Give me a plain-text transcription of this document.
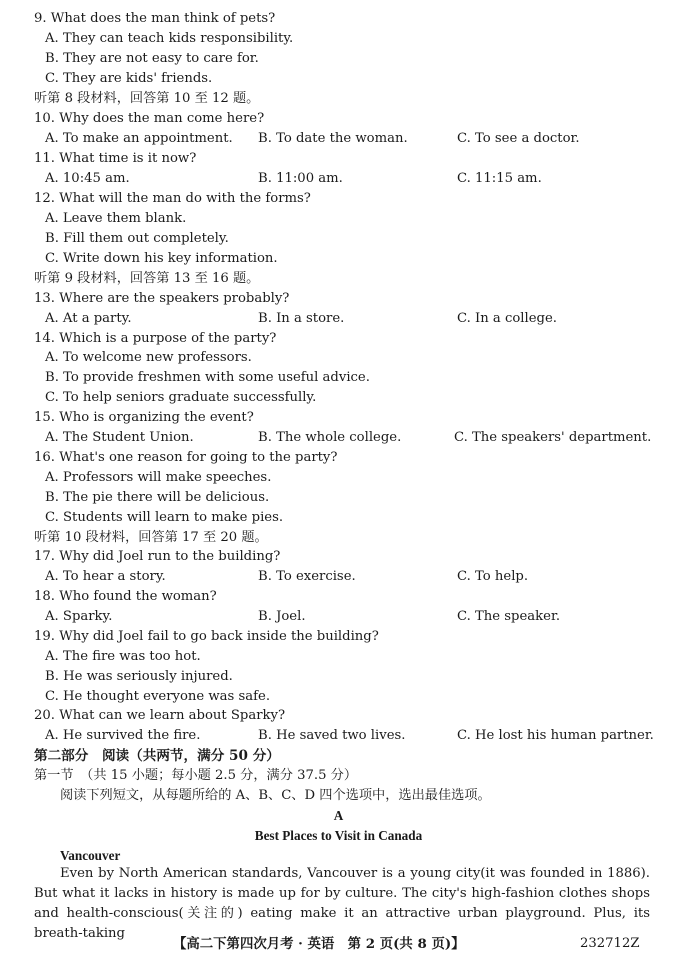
9. What does the man think of pets?
A. They can teach kids responsibility.
B. They are not easy to care for.
C. They are kids' friends.
听第 8 段材料，回答第 10 至 12 题。
10. Why does the man come here?
A. To make an appointment. B. To date the woman.	C. To see a doctor.
11. What time is it now?
A. 10:45 am.	B. 11:00 am.	C. 11:15 am.
12. What will the man do with the forms?
A. Leave them blank.
B. Fill them out completely.
C. Write down his key information.
听第 9 段材料，回答第 13 至 16 题。
13. Where are the speakers probably?
A. At a party.	B. In a store.	C. In a college.
14. Which is a purpose of the party?
A. To welcome new professors.
B. To provide freshmen with some useful advice.
C. To help seniors graduate successfully.
15. Who is organizing the event?
A. The Student Union.	B. The whole college.	C. The speakers' department.
16. What's one reason for going to the party?
A. Professors will make speeches.
B. The pie there will be delicious.
C. Students will learn to make pies.
听第 10 段材料，回答第 17 至 20 题。
17. Why did Joel run to the building?
A. To hear a story.	B. To exercise.	C. To help.
18. Who found the woman?
A. Sparky.	B. Joel.	C. The speaker.
19. Why did Joel fail to go back inside the building?
A. The fire was too hot.
B. He was seriously injured.
C. He thought everyone was safe.
20. What can we learn about Sparky?
A. He survived the fire.	B. He saved two lives.	C. He lost his human partner.
第二部分　阅读（共两节，满分 50 分）
第一节　（共 15 小题；每小题 2.5 分，满分 37.5 分）
阅读下列短文，从每题所给的 A、B、C、D 四个选项中，选出最佳选项。
A
Best Places to Visit in Canada
Vancouver
Even by North American standards, Vancouver is a young city(it was founded in 1886). But what it lacks in history is made up for by culture. The city's high-fashion clothes shops and health-conscious(关注的) eating make it an attractive urban playground. Plus, its breath-taking
【高二下第四次月考 · 英语　第 2 页(共 8 页)】	232712Z
